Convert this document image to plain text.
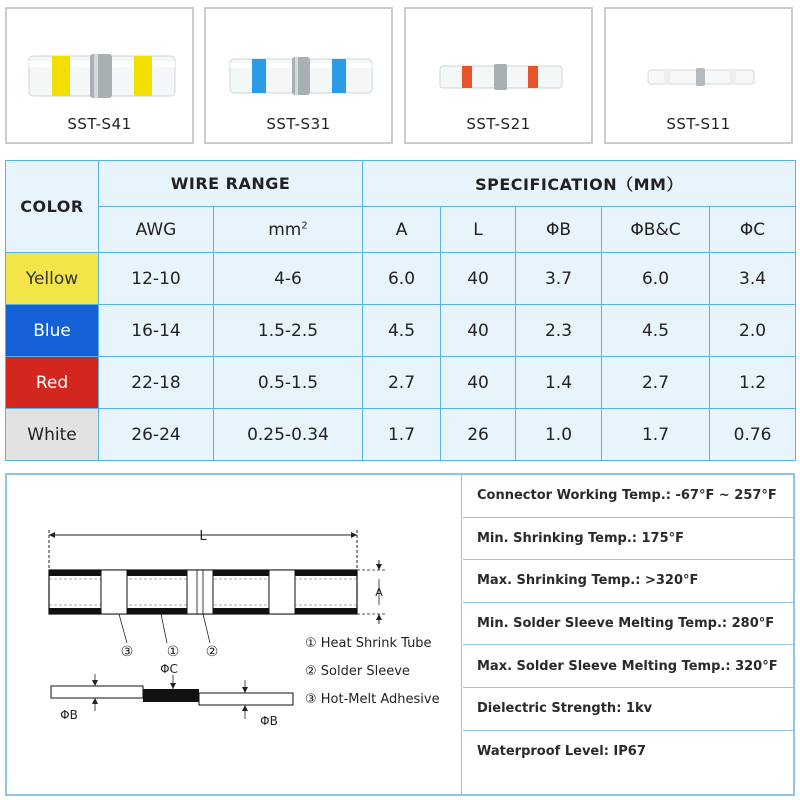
SST-S41	SST-S31	SST-S21	SST-S11
COLOR	WIRE RANGE		SPECIFICATION（MM）				
	AWG	$mm^2$	A	L	ΦB	ΦB&C	ΦC
Yellow	12-10	4-6	6.0	40	3.7	6.0	3.4
Blue	16-14	1.5-2.5	4.5	40	2.3	4.5	2.0
Red	22-18	0.5-1.5	2.7	40	1.4	2.7	1.2
White	26-24	0.25-0.34	1.7	26	1.0	1.7	0.76
L
A
③ ① ②
ΦC
ΦB	ΦB
① Heat Shrink Tube
② Solder Sleeve
③ Hot-Melt Adhesive
Connector Working Temp.: -67°F ~ 257°F
Min. Shrinking Temp.: 175°F
Max. Shrinking Temp.: >320°F
Min. Solder Sleeve Melting Temp.: 280°F
Max. Solder Sleeve Melting Temp.: 320°F
Dielectric Strength: 1kv
Waterproof Level: IP67
